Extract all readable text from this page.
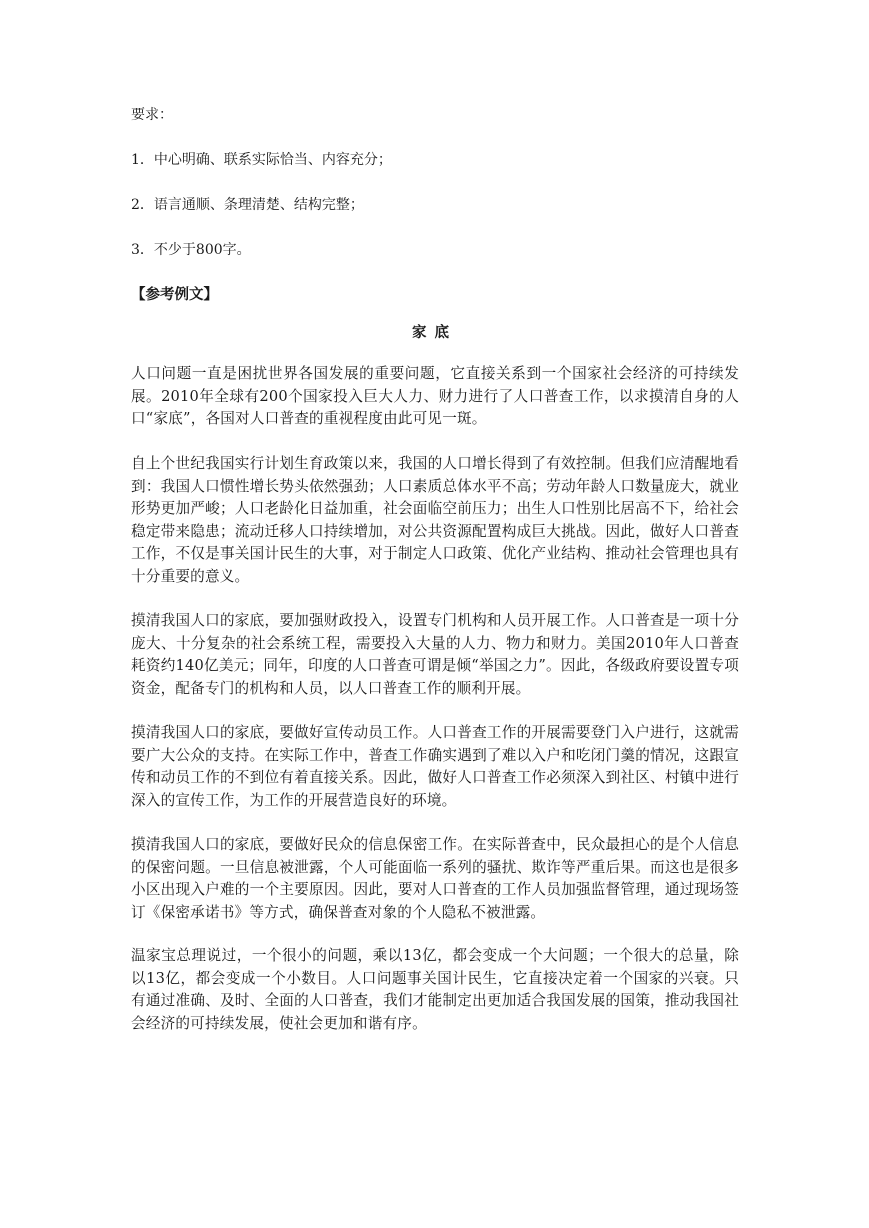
要求：
1．中心明确、联系实际恰当、内容充分；
2．语言通顺、条理清楚、结构完整；
3．不少于800字。
【参考例文】
家底
人口问题一直是困扰世界各国发展的重要问题，它直接关系到一个国家社会经济的可持续发展。2010年全球有200个国家投入巨大人力、财力进行了人口普查工作，以求摸清自身的人口“家底”，各国对人口普查的重视程度由此可见一斑。
自上个世纪我国实行计划生育政策以来，我国的人口增长得到了有效控制。但我们应清醒地看到：我国人口惯性增长势头依然强劲；人口素质总体水平不高；劳动年龄人口数量庞大，就业形势更加严峻；人口老龄化日益加重，社会面临空前压力；出生人口性别比居高不下，给社会稳定带来隐患；流动迁移人口持续增加，对公共资源配置构成巨大挑战。因此，做好人口普查工作，不仅是事关国计民生的大事，对于制定人口政策、优化产业结构、推动社会管理也具有十分重要的意义。
摸清我国人口的家底，要加强财政投入，设置专门机构和人员开展工作。人口普查是一项十分庞大、十分复杂的社会系统工程，需要投入大量的人力、物力和财力。美国2010年人口普查耗资约140亿美元；同年，印度的人口普查可谓是倾“举国之力”。因此，各级政府要设置专项资金，配备专门的机构和人员，以人口普查工作的顺利开展。
摸清我国人口的家底，要做好宣传动员工作。人口普查工作的开展需要登门入户进行，这就需要广大公众的支持。在实际工作中，普查工作确实遇到了难以入户和吃闭门羹的情况，这跟宣传和动员工作的不到位有着直接关系。因此，做好人口普查工作必须深入到社区、村镇中进行深入的宣传工作，为工作的开展营造良好的环境。
摸清我国人口的家底，要做好民众的信息保密工作。在实际普查中，民众最担心的是个人信息的保密问题。一旦信息被泄露，个人可能面临一系列的骚扰、欺诈等严重后果。而这也是很多小区出现入户难的一个主要原因。因此，要对人口普查的工作人员加强监督管理，通过现场签订《保密承诺书》等方式，确保普查对象的个人隐私不被泄露。
温家宝总理说过，一个很小的问题，乘以13亿，都会变成一个大问题；一个很大的总量，除以13亿，都会变成一个小数目。人口问题事关国计民生，它直接决定着一个国家的兴衰。只有通过准确、及时、全面的人口普查，我们才能制定出更加适合我国发展的国策，推动我国社会经济的可持续发展，使社会更加和谐有序。
